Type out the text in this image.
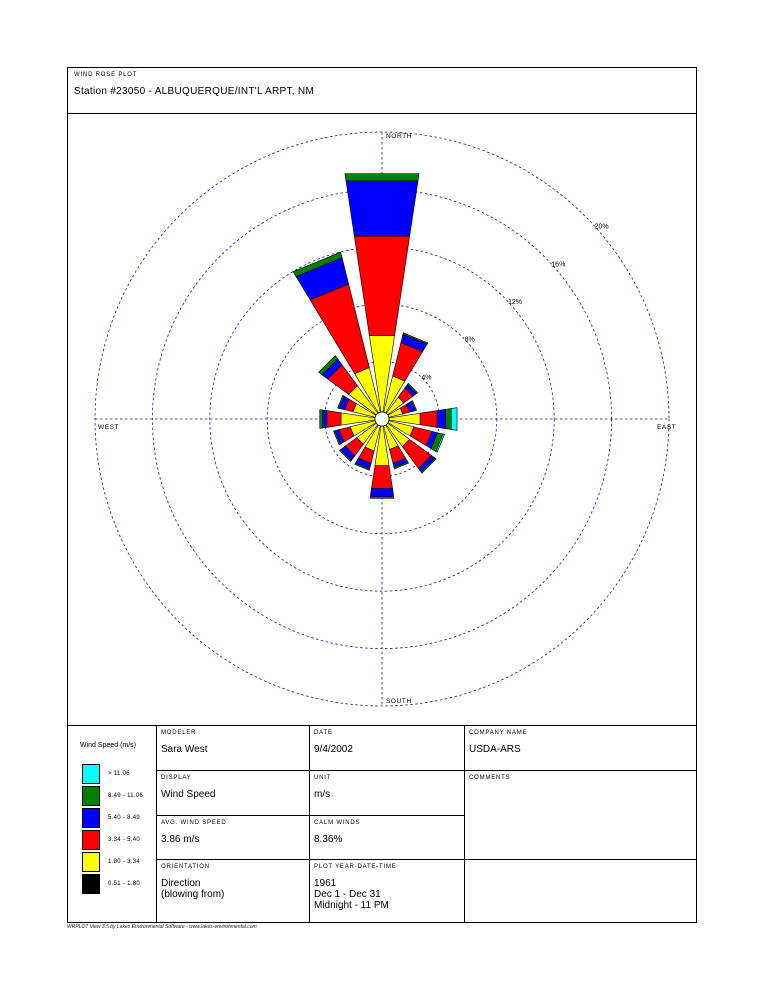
WIND ROSE PLOT
Station #23050 - ALBUQUERQUE/INT'L ARPT, NM
4%
8%
12%
16%
20%
NORTH
SOUTH
EAST
WEST
Wind Speed (m/s)
> 11.06
8.49 - 11.06
5.40 - 8.49
3.34 - 5.40
1.80 - 3.34
0.51 - 1.80
MODELER
Sara West
DATE
9/4/2002
COMPANY NAME
USDA-ARS
DISPLAY
Wind Speed
UNIT
m/s
COMMENTS
AVG. WIND SPEED
3.86 m/s
CALM WINDS
8.36%
ORIENTATION
Direction
(blowing from)
PLOT YEAR-DATE-TIME
1961
Dec 1 - Dec 31
Midnight - 11 PM
WRPLOT View 3.5 by Lakes Environmental Software - www.lakes-environmental.com
